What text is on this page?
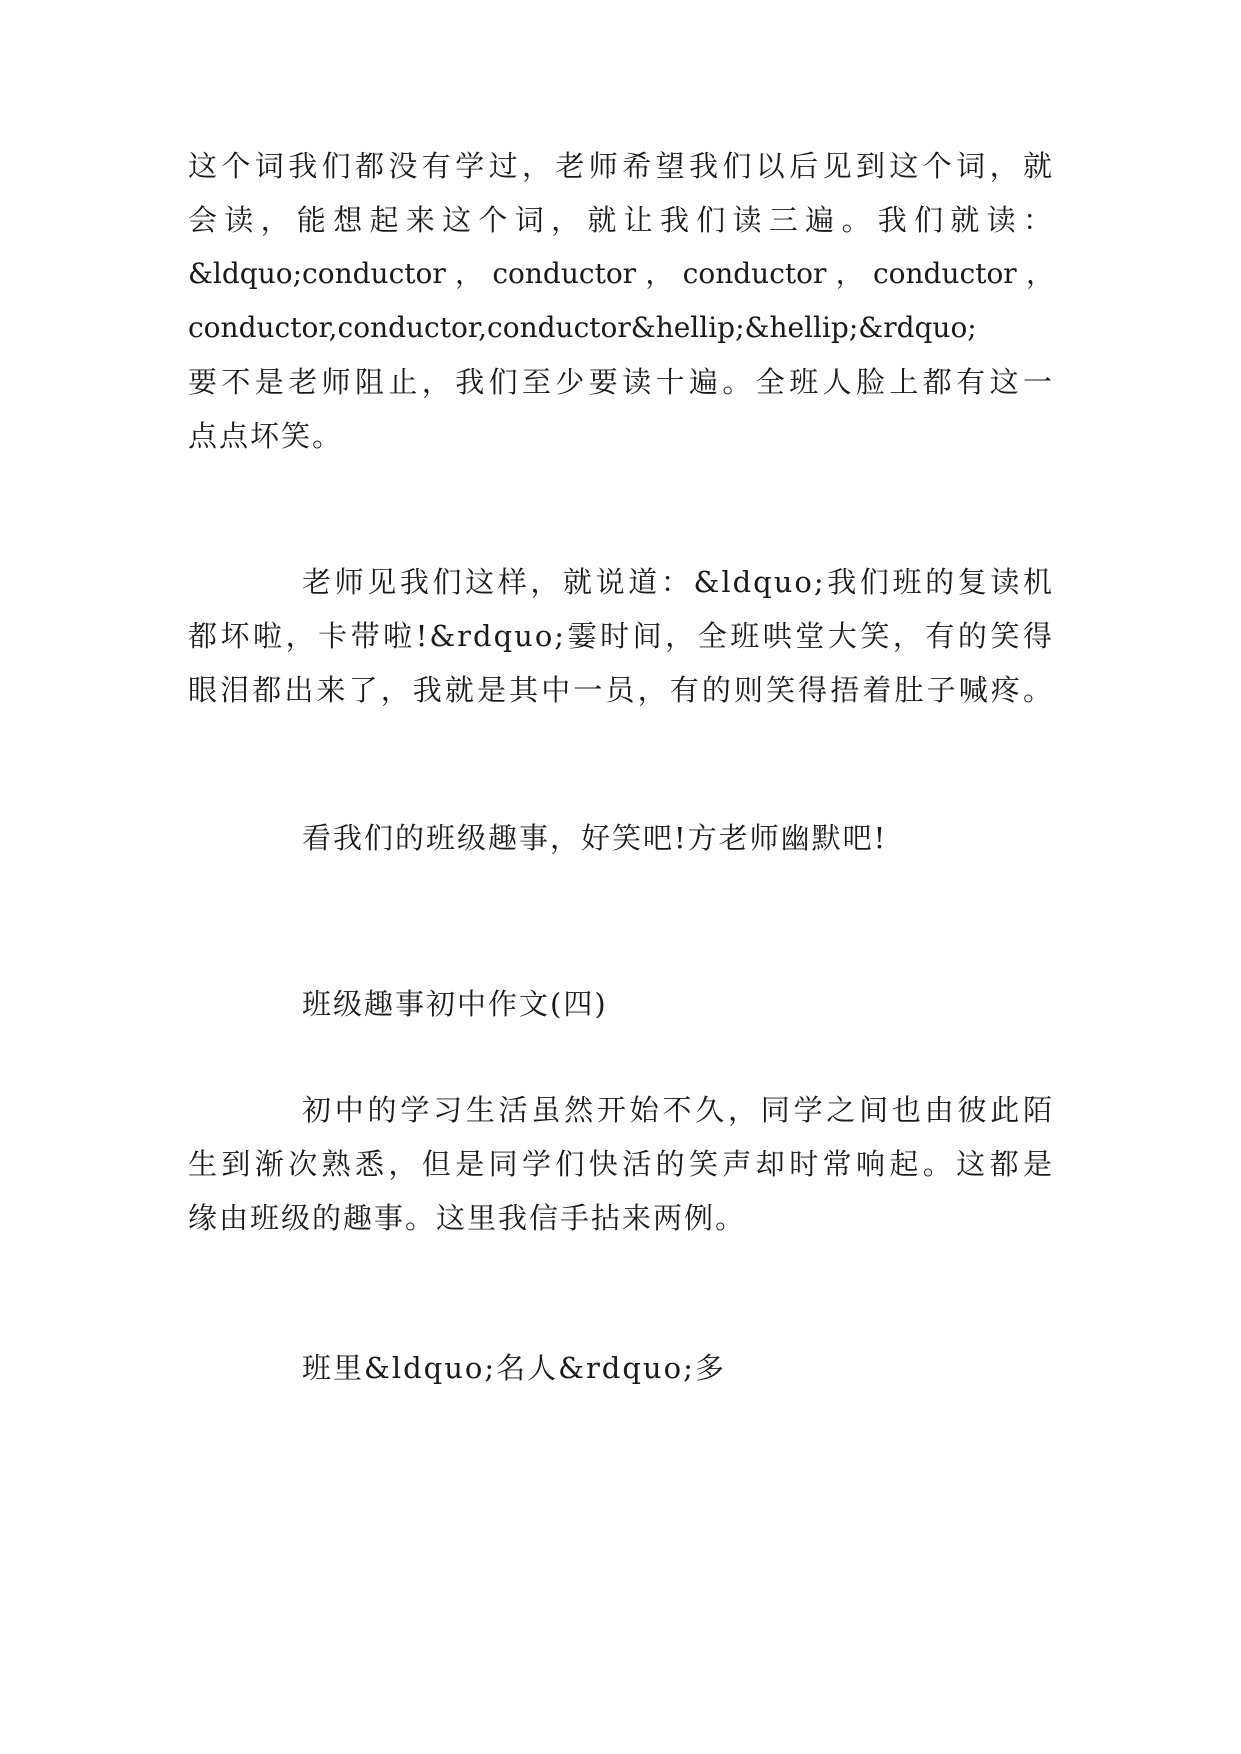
这个词我们都没有学过，老师希望我们以后见到这个词，就
会读，能想起来这个词，就让我们读三遍。我们就读：
&ldquo;conductor，conductor，conductor，conductor，
conductor,conductor,conductor&hellip;&hellip;&rdquo;
要不是老师阻止，我们至少要读十遍。全班人脸上都有这一
点点坏笑。
老师见我们这样，就说道：&ldquo;我们班的复读机
都坏啦，卡带啦!&rdquo;霎时间，全班哄堂大笑，有的笑得
眼泪都出来了，我就是其中一员，有的则笑得捂着肚子喊疼。
看我们的班级趣事，好笑吧!方老师幽默吧!
班级趣事初中作文(四)
初中的学习生活虽然开始不久，同学之间也由彼此陌
生到渐次熟悉，但是同学们快活的笑声却时常响起。这都是
缘由班级的趣事。这里我信手拈来两例。
班里&ldquo;名人&rdquo;多
